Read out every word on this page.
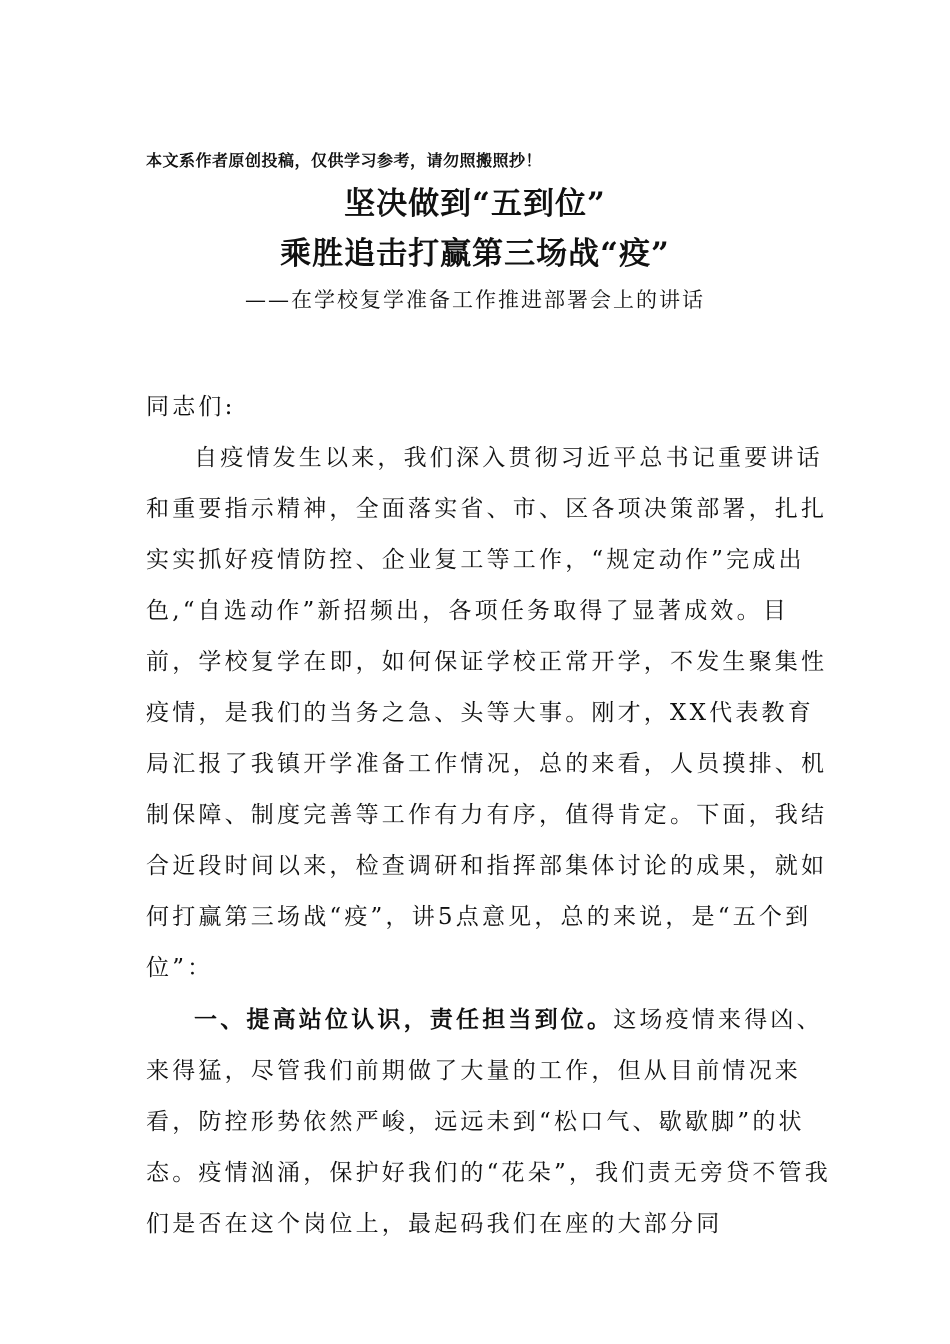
本文系作者原创投稿，仅供学习参考，请勿照搬照抄！
坚决做到“五到位”
乘胜追击打赢第三场战“疫”
——在学校复学准备工作推进部署会上的讲话

同志们:

自疫情发生以来，我们深入贯彻习近平总书记重要讲话和重要指示精神，全面落实省、市、区各项决策部署，扎扎实实抓好疫情防控、企业复工等工作，“规定动作”完成出色,“自选动作”新招频出，各项任务取得了显著成效。目前，学校复学在即，如何保证学校正常开学，不发生聚集性疫情，是我们的当务之急、头等大事。刚才，XX代表教育局汇报了我镇开学准备工作情况，总的来看，人员摸排、机制保障、制度完善等工作有力有序，值得肯定。下面，我结合近段时间以来，检查调研和指挥部集体讨论的成果，就如何打赢第三场战“疫”，讲5点意见，总的来说，是“五个到位”：

一、提高站位认识，责任担当到位。这场疫情来得凶、来得猛，尽管我们前期做了大量的工作，但从目前情况来看，防控形势依然严峻，远远未到“松口气、歇歇脚”的状态。疫情汹涌，保护好我们的“花朵”，我们责无旁贷不管我们是否在这个岗位上，最起码我们在座的大部分同
